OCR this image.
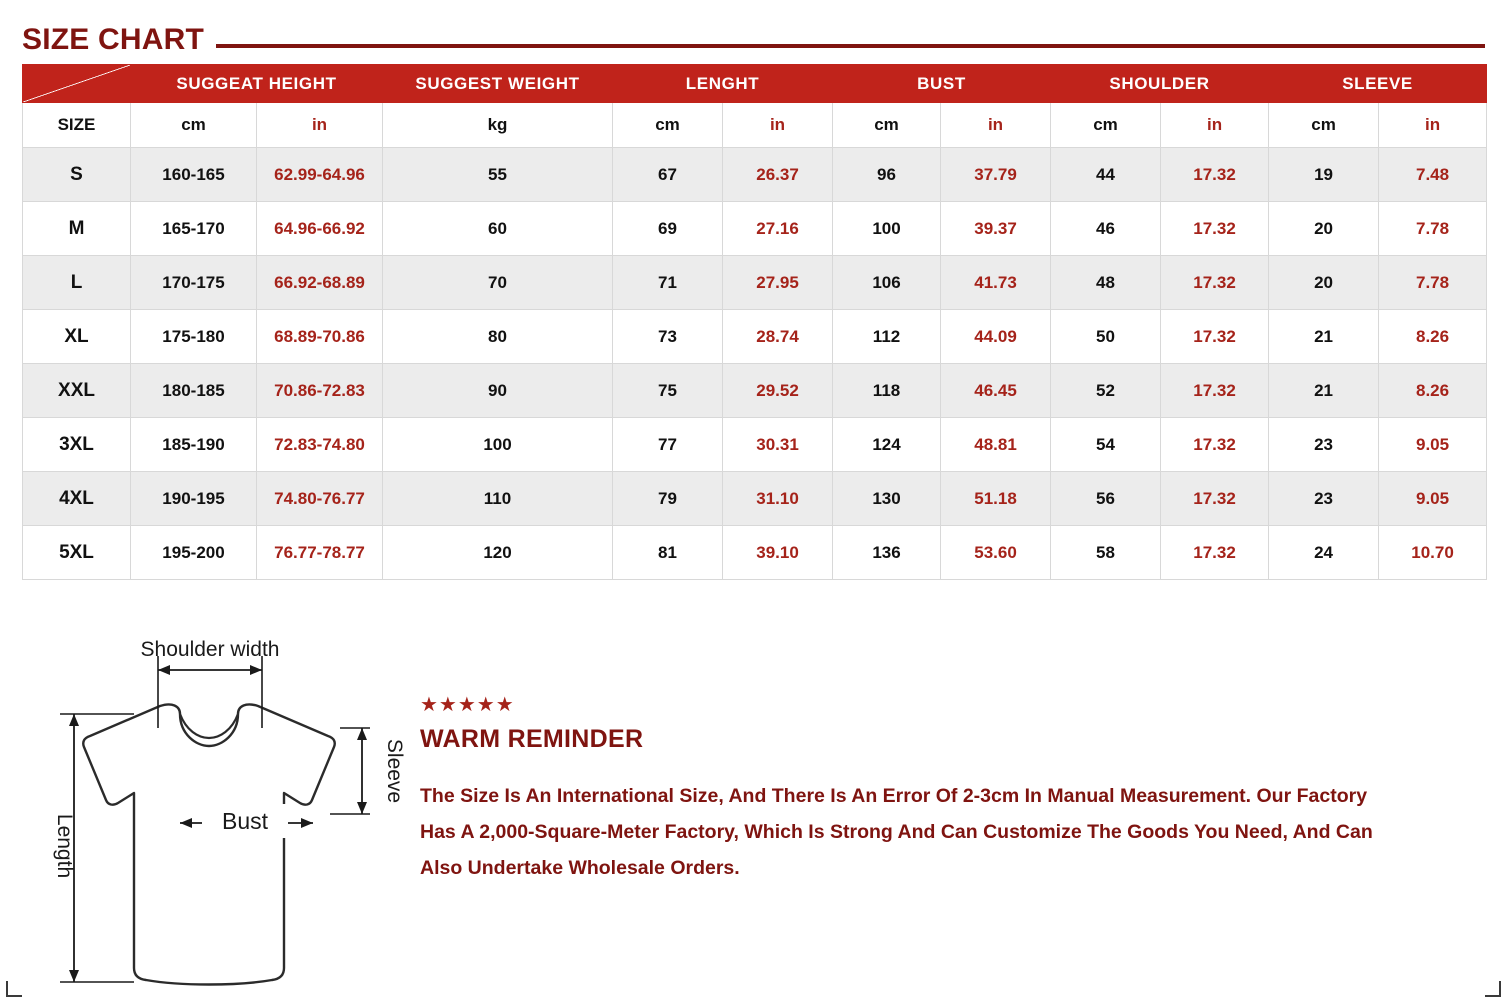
SIZE CHART
	SUGGEAT HEIGHT		SUGGEST WEIGHT	LENGHT		BUST		SHOULDER		SLEEVE	
SIZE	cm	in	kg	cm	in	cm	in	cm	in	cm	in
S	160-165	62.99-64.96	55	67	26.37	96	37.79	44	17.32	19	7.48
M	165-170	64.96-66.92	60	69	27.16	100	39.37	46	17.32	20	7.78
L	170-175	66.92-68.89	70	71	27.95	106	41.73	48	17.32	20	7.78
XL	175-180	68.89-70.86	80	73	28.74	112	44.09	50	17.32	21	8.26
XXL	180-185	70.86-72.83	90	75	29.52	118	46.45	52	17.32	21	8.26
3XL	185-190	72.83-74.80	100	77	30.31	124	48.81	54	17.32	23	9.05
4XL	190-195	74.80-76.77	110	79	31.10	130	51.18	56	17.32	23	9.05
5XL	195-200	76.77-78.77	120	81	39.10	136	53.60	58	17.32	24	10.70
Shoulder width
Bust
Sleeve
Length
★★★★★
WARM REMINDER
The Size Is An International Size, And There Is An Error Of 2-3cm In Manual Measurement. Our Factory Has A 2,000-Square-Meter Factory, Which Is Strong And Can Customize The Goods You Need, And Can Also Undertake Wholesale Orders.
